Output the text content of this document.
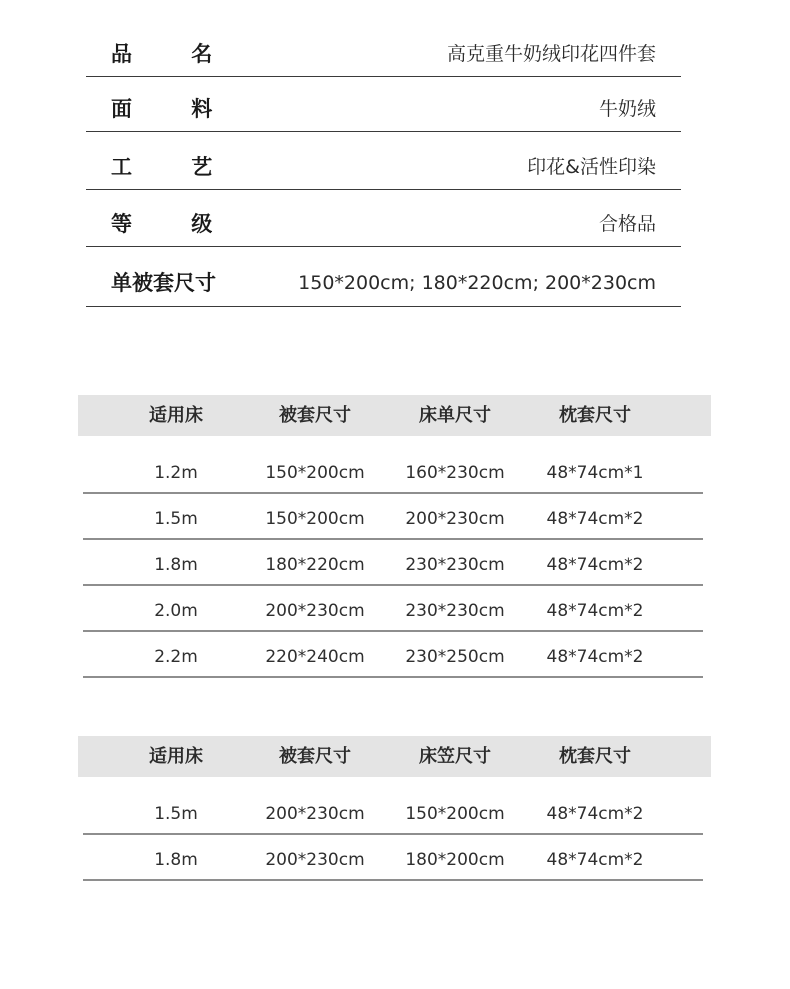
品 名	高克重牛奶绒印花四件套
面 料	牛奶绒
工 艺	印花&活性印染
等 级	合格品
单被套尺寸	150*200cm; 180*220cm; 200*230cm
适用床	被套尺寸	床单尺寸	枕套尺寸
1.2m	150*200cm	160*230cm	48*74cm*1
1.5m	150*200cm	200*230cm	48*74cm*2
1.8m	180*220cm	230*230cm	48*74cm*2
2.0m	200*230cm	230*230cm	48*74cm*2
2.2m	220*240cm	230*250cm	48*74cm*2
适用床	被套尺寸	床笠尺寸	枕套尺寸
1.5m	200*230cm	150*200cm	48*74cm*2
1.8m	200*230cm	180*200cm	48*74cm*2
